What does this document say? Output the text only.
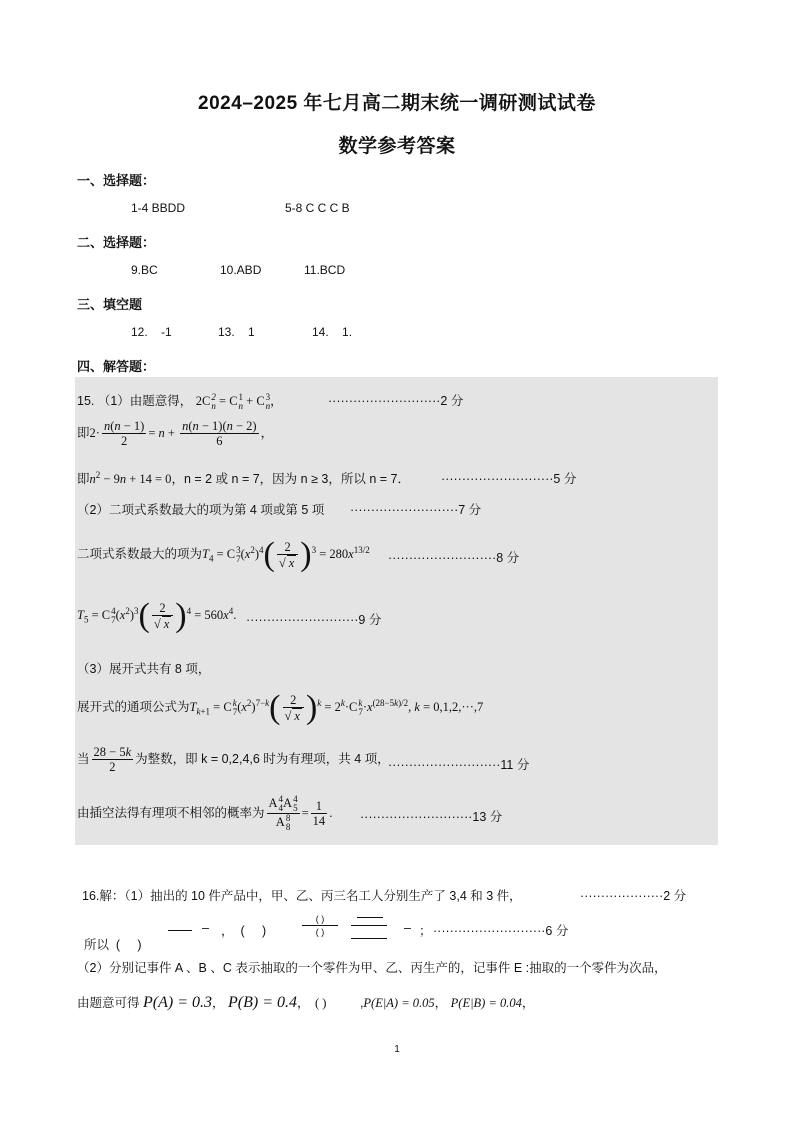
2024–2025 年七月高二期末统一调研测试试卷
数学参考答案
一、选择题：
1-4 BBDD	5-8 C C C B
二、选择题：
9.BC	10.ABD	11.BCD
三、填空题
12.    -1	13.    1	14.    1.
四、解答题：
15. （1）由题意得， 2C 2
n = C 1
n + C 3
n ，	···························2 分
即$2\cdot \frac{n(n - 1)}{2} = n + \frac{n(n - 1)(n - 2)}{6}$ ，
即$n^2 - 9n + 14 = 0$，n = 2 或 n = 7，因为 n ≥ 3，所以 n = 7． ···························5 分
（2）二项式系数最大的项为第 4 项或第 5 项 ··························7 分
二项式系数最大的项为$T_4 = C$ 3
7 $(x^2)^4( \frac{2}{√ x} )^3 = 280x^{13/2}$
··························8 分
$T_5 = C$ 4
7 $(x^2)^3( \frac{2}{√ x} )^4 = 560x^4$. ···························9 分
（3）展开式共有 8 项，
展开式的通项公式为$T_{k+1} = C$ k
7 $(x^2)^{7-k}( \frac{2}{√ x} )^k = 2^k\cdot C$ k
$7 \cdot x^{(28-5k)/2}$, k = 0,1,2,···,7
当 $\frac{28 - 5k}{2}$ 为整数，即 k = 0,2,4,6 时为有理项，共 4 项，
···························11 分
由插空法得有理项不相邻的概率为 A 4
4 A 4
5
A 8
$8 = \frac{1}{14}$ . ···························13 分
16.解：（1）抽出的 10 件产品中，甲、乙、丙三名工人分别生产了 3,4 和 3 件，	····················2 分

所以  (     )

– ，  (     )
( )
( )	– ； ···························6 分
（2）分别记事件 A 、B 、C 表示抽取的一个零件为甲、乙、丙生产的，记事件 E :抽取的一个零件为次品，
由题意可得 P(A) = 0.3， P(B) = 0.4， ( )	,P(E|A) = 0.05， P(E|B) = 0.04，
1
